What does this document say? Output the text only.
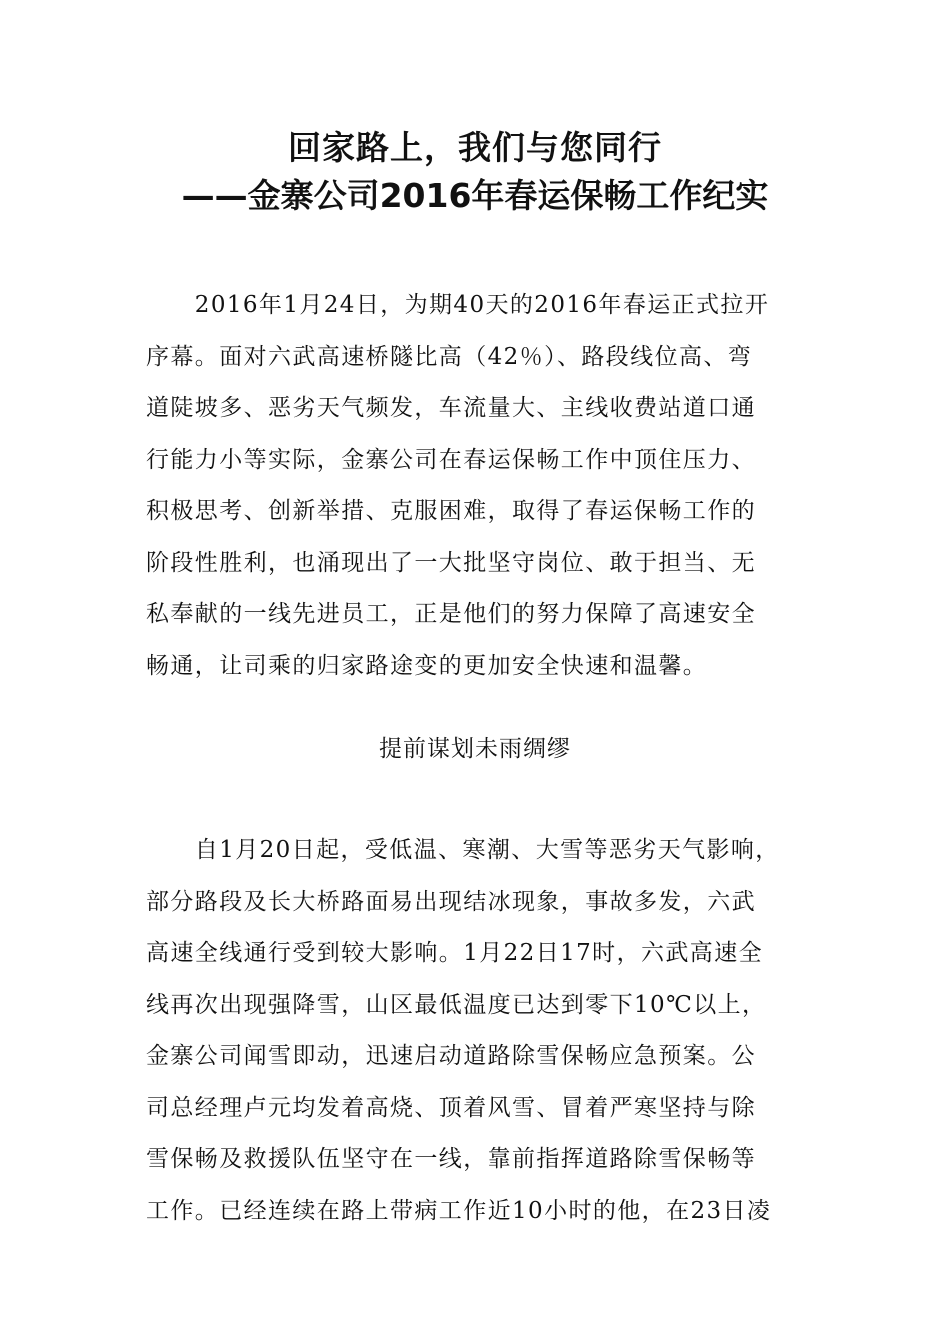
回家路上，我们与您同行
——金寨公司2016年春运保畅工作纪实
　　2016年1月24日，为期40天的2016年春运正式拉开
序幕。面对六武高速桥隧比高（42％）、路段线位高、弯
道陡坡多、恶劣天气频发，车流量大、主线收费站道口通
行能力小等实际，金寨公司在春运保畅工作中顶住压力、
积极思考、创新举措、克服困难，取得了春运保畅工作的
阶段性胜利，也涌现出了一大批坚守岗位、敢于担当、无
私奉献的一线先进员工，正是他们的努力保障了高速安全
畅通，让司乘的归家路途变的更加安全快速和温馨。
提前谋划未雨绸缪
　　自1月20日起，受低温、寒潮、大雪等恶劣天气影响，
部分路段及长大桥路面易出现结冰现象，事故多发，六武
高速全线通行受到较大影响。1月22日17时，六武高速全
线再次出现强降雪，山区最低温度已达到零下10℃以上，
金寨公司闻雪即动，迅速启动道路除雪保畅应急预案。公
司总经理卢元均发着高烧、顶着风雪、冒着严寒坚持与除
雪保畅及救援队伍坚守在一线，靠前指挥道路除雪保畅等
工作。已经连续在路上带病工作近10小时的他，在23日凌
